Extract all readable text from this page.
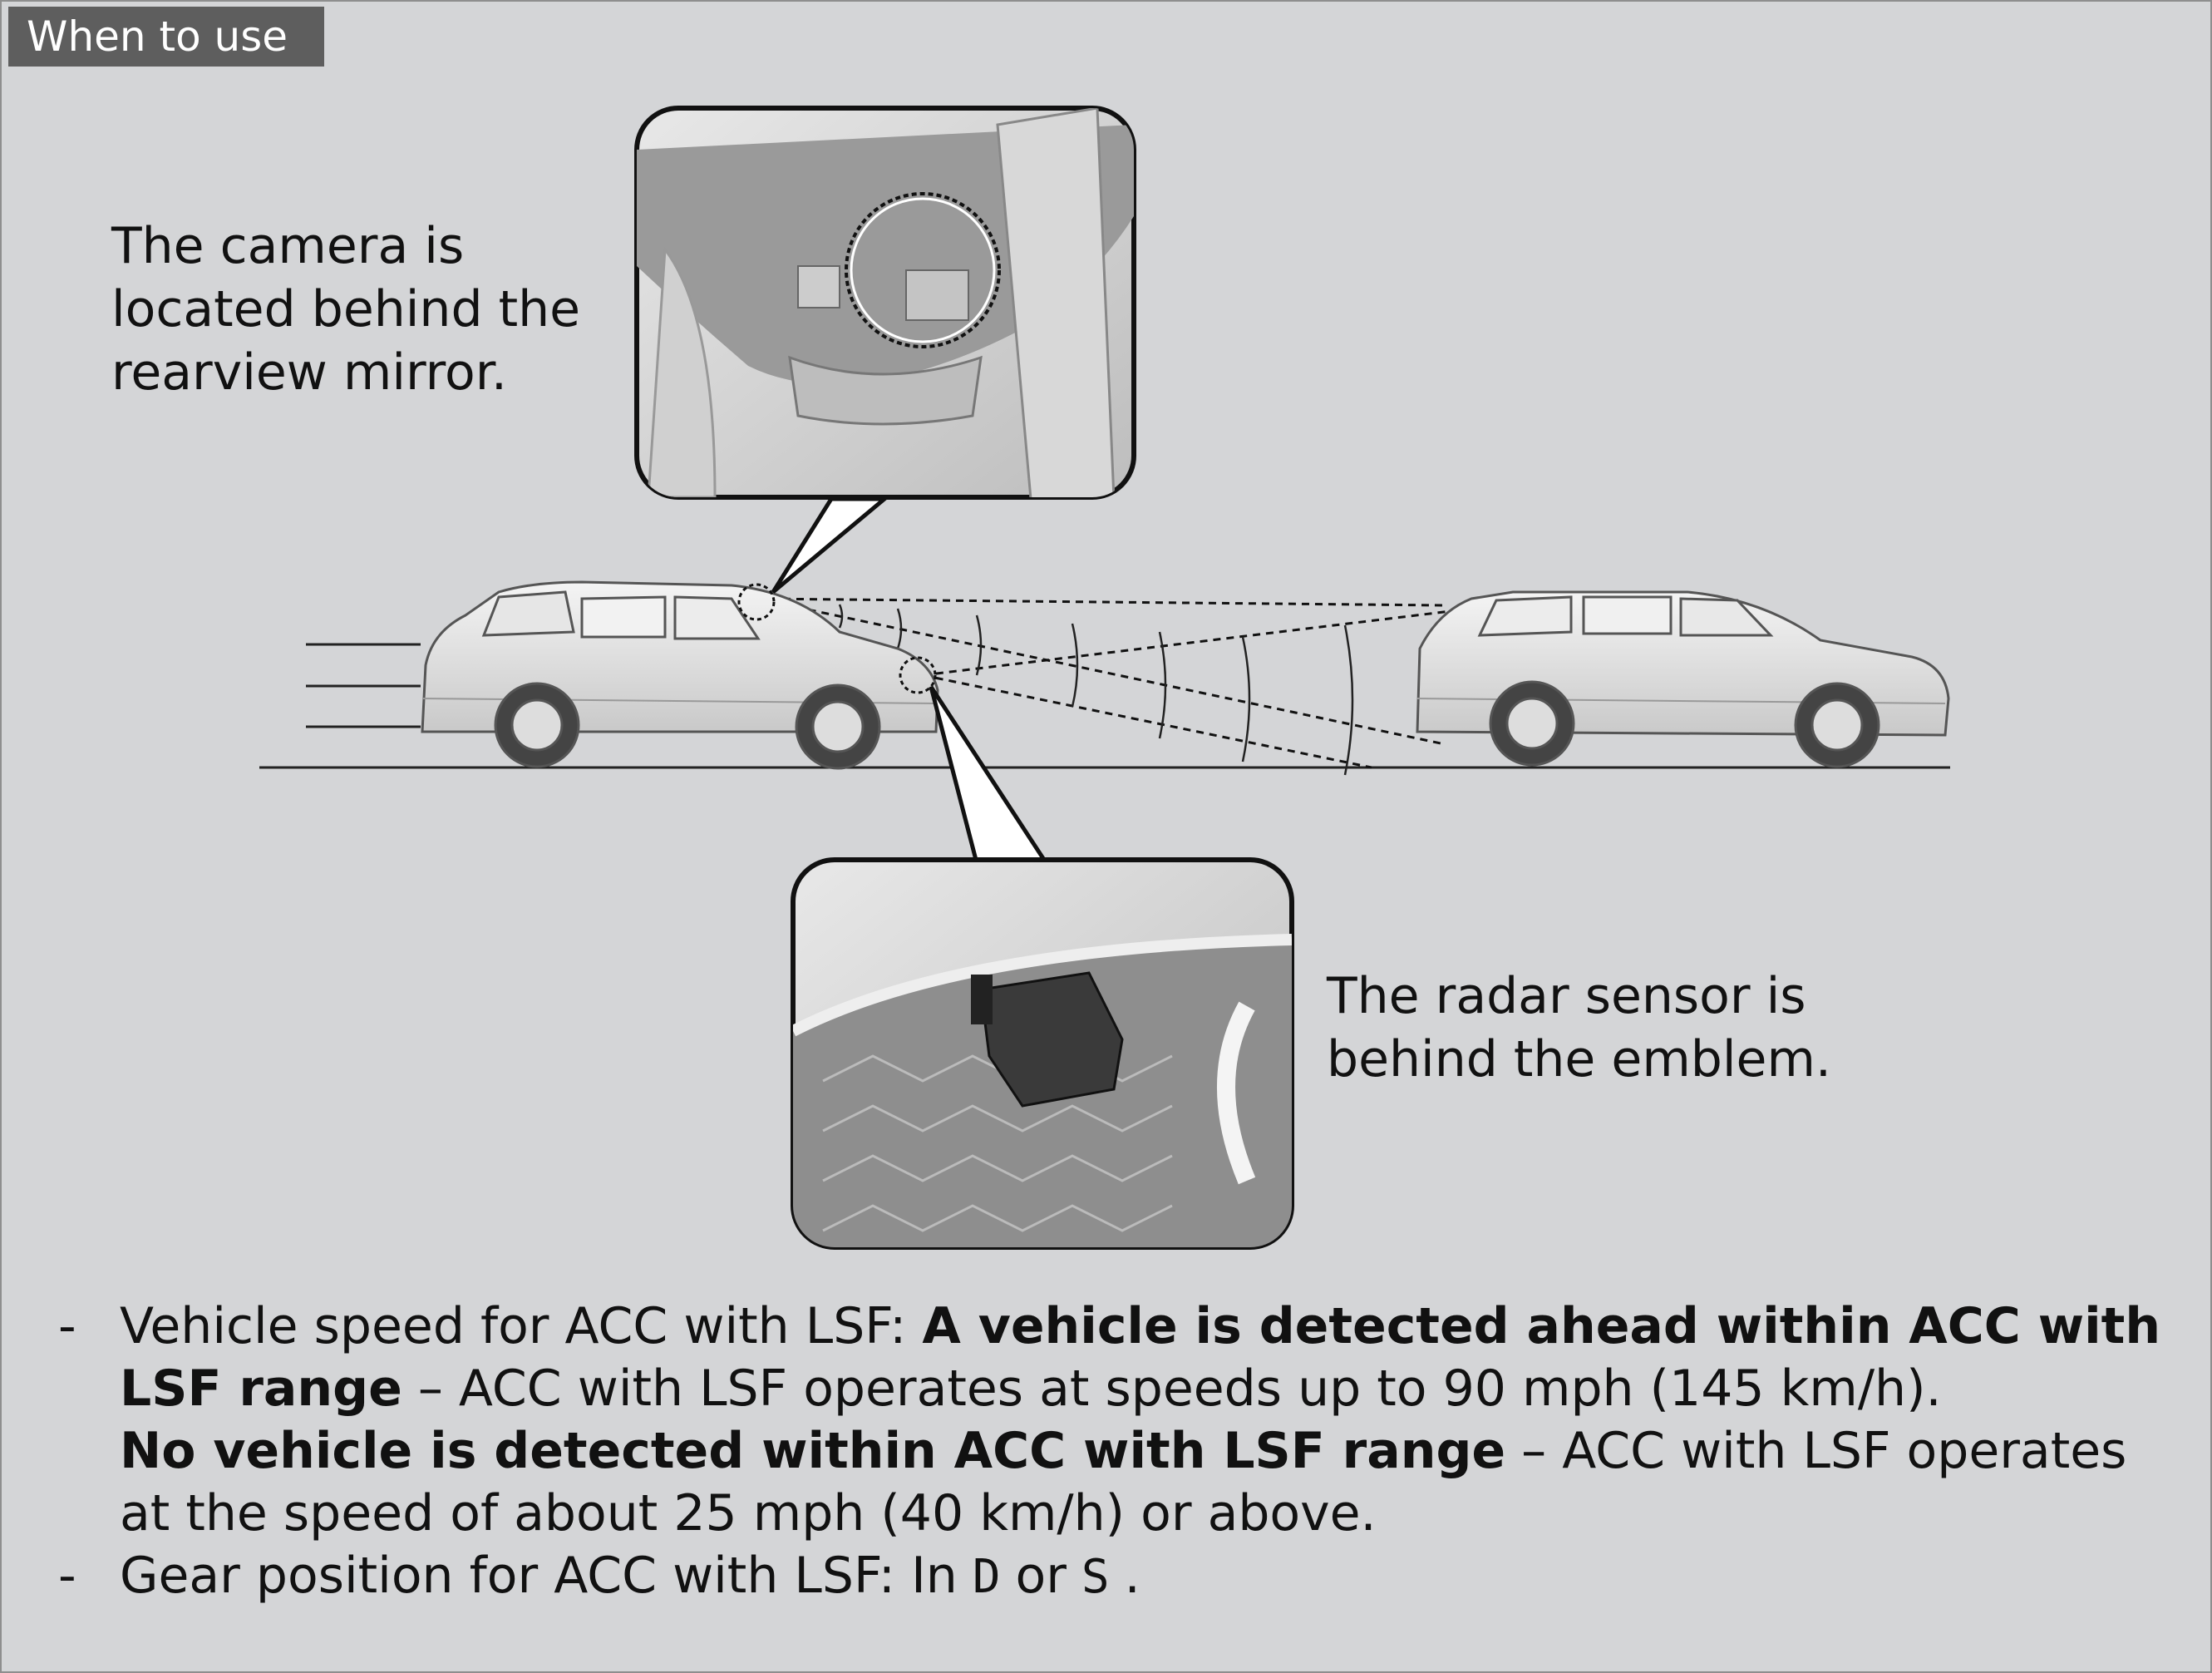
When to use
The camera is
located behind the
rearview mirror.
The radar sensor is
behind the emblem.
- Vehicle speed for ACC with LSF: A vehicle is detected ahead within ACC with LSF range – ACC with LSF operates at speeds up to 90 mph (145 km/h).
No vehicle is detected within ACC with LSF range – ACC with LSF operates at the speed of about 25 mph (40 km/h) or above.
- Gear position for ACC with LSF: In D or S .
